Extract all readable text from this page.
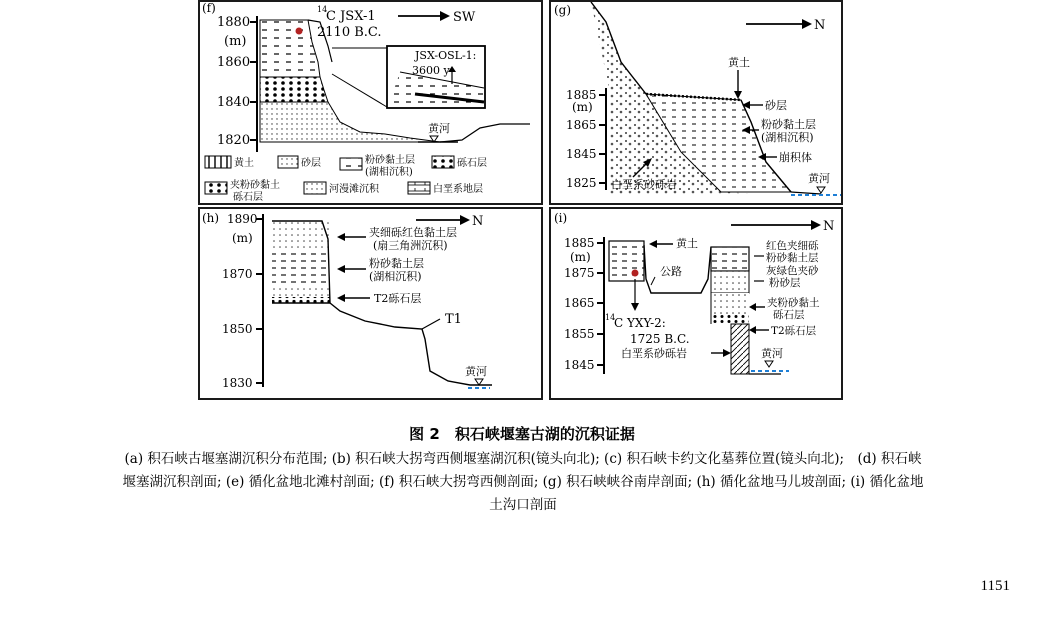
(f)
1880
(m)
1860
1840
1820
JSX-OSL-1:
3600 y
14
C JSX-1
2110 B.C.
SW
黄河
黄土	砂层	粉砂黏土层
(湖相沉积)
砾石层
夹粉砂黏土
砾石层
河漫滩沉积	白垩系地层
(g)
1885
(m)
1865
1845
1825	黄河
N
黄土
砂层
粉砂黏土层
(湖相沉积)
崩积体
白垩系砂砾岩
(h) 1890
(m)
1870
1850
1830
黄河
T1
N
夹细砾红色黏土层
(扇三角洲沉积)
粉砂黏土层
(湖相沉积)
T2砾石层
(i)
1885
(m)
1875
1865
1855
1845
黄河
14
C YXY-2:
1725 B.C.
公路
N
黄土	红色夹细砾
粉砂黏土层
灰绿色夹砂
粉砂层
夹粉砂黏土
砾石层
T2砾石层
白垩系砂砾岩
图 2  积石峡堰塞古湖的沉积证据
(a) 积石峡古堰塞湖沉积分布范围; (b) 积石峡大拐弯西侧堰塞湖沉积(镜头向北); (c) 积石峡卡约文化墓葬位置(镜头向北);　(d) 积石峡
堰塞湖沉积剖面; (e) 循化盆地北滩村剖面; (f) 积石峡大拐弯西侧剖面; (g) 积石峡峡谷南岸剖面; (h) 循化盆地马儿坡剖面; (i) 循化盆地
土沟口剖面
1151
